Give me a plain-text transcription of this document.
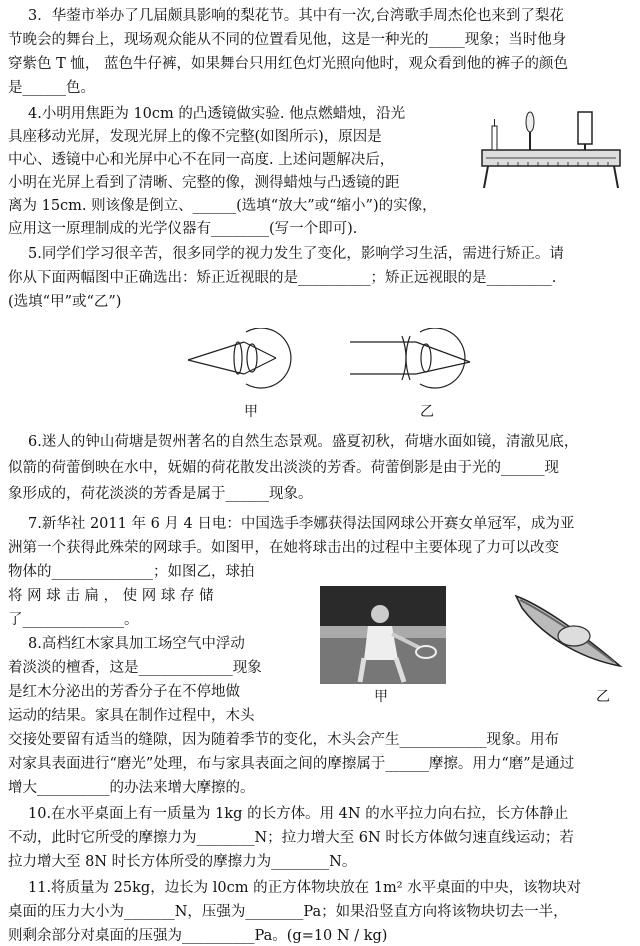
甲	乙
甲	乙
3．华蓥市举办了几届颇具影响的梨花节。其中有一次,台湾歌手周杰伦也来到了梨花
节晚会的舞台上，现场观众能从不同的位置看见他，这是一种光的_____现象；当时他身
穿紫色 T 恤， 蓝色牛仔裤，如果舞台只用红色灯光照向他时，观众看到他的裤子的颜色
是______色。
4.小明用焦距为 10cm 的凸透镜做实验. 他点燃蜡烛，沿光
具座移动光屏，发现光屏上的像不完整(如图所示)，原因是
中心、透镜中心和光屏中心不在同一高度. 上述问题解决后，
小明在光屏上看到了清晰、完整的像，测得蜡烛与凸透镜的距
离为 15cm. 则该像是倒立、______(选填“放大”或“缩小”)的实像，
应用这一原理制成的光学仪器有________(写一个即可).
5.同学们学习很辛苦，很多同学的视力发生了变化，影响学习生活，需进行矫正。请
你从下面两幅图中正确选出：矫正近视眼的是__________；矫正远视眼的是_________.
(选填“甲”或“乙”)
6.迷人的钟山荷塘是贺州著名的自然生态景观。盛夏初秋，荷塘水面如镜，清澈见底，
似箭的荷蕾倒映在水中，妩媚的荷花散发出淡淡的芳香。荷蕾倒影是由于光的______现
象形成的，荷花淡淡的芳香是属于______现象。
7.新华社 2011 年 6 月 4 日电：中国选手李娜获得法国网球公开赛女单冠军，成为亚
洲第一个获得此殊荣的网球手。如图甲，在她将球击出的过程中主要体现了力可以改变
物体的______________；如图乙，球拍
将 网 球 击 扁 ， 使 网 球 存 储
了______________。
8.高档红木家具加工场空气中浮动
着淡淡的檀香，这是_____________现象
是红木分泌出的芳香分子在不停地做
运动的结果。家具在制作过程中，木头
交接处要留有适当的缝隙，因为随着季节的变化，木头会产生____________现象。用布
对家具表面进行“磨光”处理，布与家具表面之间的摩擦属于______摩擦。用力“磨”是通过
增大__________的办法来增大摩擦的。
10.在水平桌面上有一质量为 1kg 的长方体。用 4N 的水平拉力向右拉，长方体静止
不动，此时它所受的摩擦力为________N；拉力增大至 6N 时长方体做匀速直线运动；若
拉力增大至 8N 时长方体所受的摩擦力为________N。
11.将质量为 25kg，边长为 l0cm 的正方体物块放在 1m² 水平桌面的中央，该物块对
桌面的压力大小为_______N，压强为________Pa；如果沿竖直方向将该物块切去一半，
则剩余部分对桌面的压强为__________Pa。(g=10 N / kg)
